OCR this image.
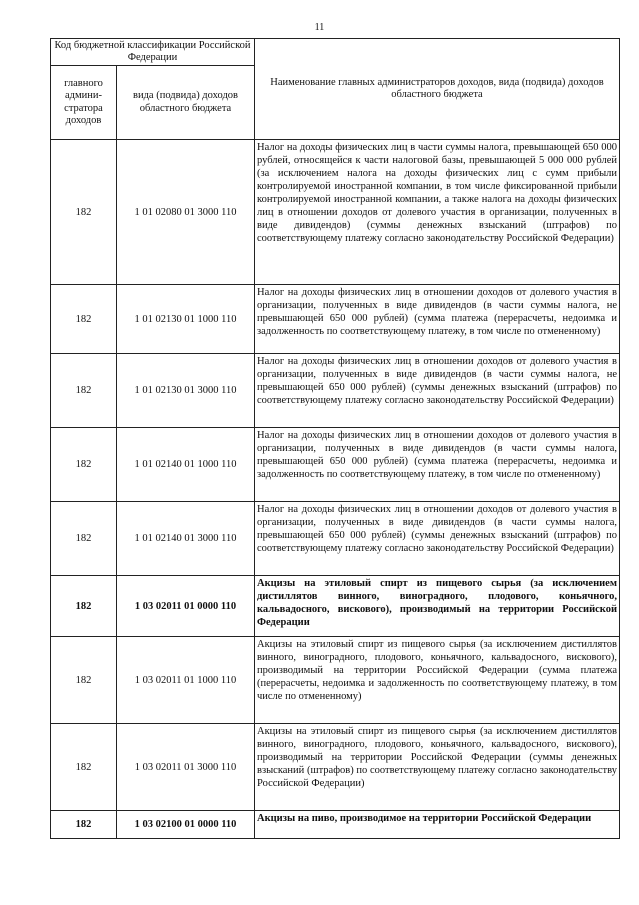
11
Код бюджетной классификации Российской Федерации		Наименование главных администраторов доходов, вида (подвида) доходов областного бюджета
главного админи-стратора доходов	вида (подвида) доходов областного бюджета	
182	1 01 02080 01 3000 110	Налог на доходы физических лиц в части суммы налога, превышающей 650 000 рублей, относящейся к части налоговой базы, превышающей 5 000 000 рублей (за исключением налога на доходы физических лиц с сумм прибыли контролируемой иностранной компании, в том числе фиксированной прибыли контролируемой иностранной компании, а также налога на доходы физических лиц в отношении доходов от долевого участия в организации, полученных в виде дивидендов) (суммы денежных взысканий (штрафов) по соответствующему платежу согласно законодательству Российской Федерации)
182	1 01 02130 01 1000 110	Налог на доходы физических лиц в отношении доходов от долевого участия в организации, полученных в виде дивидендов (в части суммы налога, не превышающей 650 000 рублей) (сумма платежа (перерасчеты, недоимка и задолженность по соответствующему платежу, в том числе по отмененному)
182	1 01 02130 01 3000 110	Налог на доходы физических лиц в отношении доходов от долевого участия в организации, полученных в виде дивидендов (в части суммы налога, не превышающей 650 000 рублей) (суммы денежных взысканий (штрафов) по соответствующему платежу согласно законодательству Российской Федерации)
182	1 01 02140 01 1000 110	Налог на доходы физических лиц в отношении доходов от долевого участия в организации, полученных в виде дивидендов (в части суммы налога, превышающей 650 000 рублей) (сумма платежа (перерасчеты, недоимка и задолженность по соответствующему платежу, в том числе по отмененному)
182	1 01 02140 01 3000 110	Налог на доходы физических лиц в отношении доходов от долевого участия в организации, полученных в виде дивидендов (в части суммы налога, превышающей 650 000 рублей) (суммы денежных взысканий (штрафов) по соответствующему платежу согласно законодательству Российской Федерации)
182	1 03 02011 01 0000 110	Акцизы на этиловый спирт из пищевого сырья (за исключением дистиллятов винного, виноградного, плодового, коньячного, кальвадосного, вискового), производимый на территории Российской Федерации
182	1 03 02011 01 1000 110	Акцизы на этиловый спирт из пищевого сырья (за исключением дистиллятов винного, виноградного, плодового, коньячного, кальвадосного, вискового), производимый на территории Российской Федерации (сумма платежа (перерасчеты, недоимка и задолженность по соответствующему платежу, в том числе по отмененному)
182	1 03 02011 01 3000 110	Акцизы на этиловый спирт из пищевого сырья (за исключением дистиллятов винного, виноградного, плодового, коньячного, кальвадосного, вискового), производимый на территории Российской Федерации (суммы денежных взысканий (штрафов) по соответствующему платежу согласно законодательству Российской Федерации)
182	1 03 02100 01 0000 110	Акцизы на пиво, производимое на территории Российской Федерации
